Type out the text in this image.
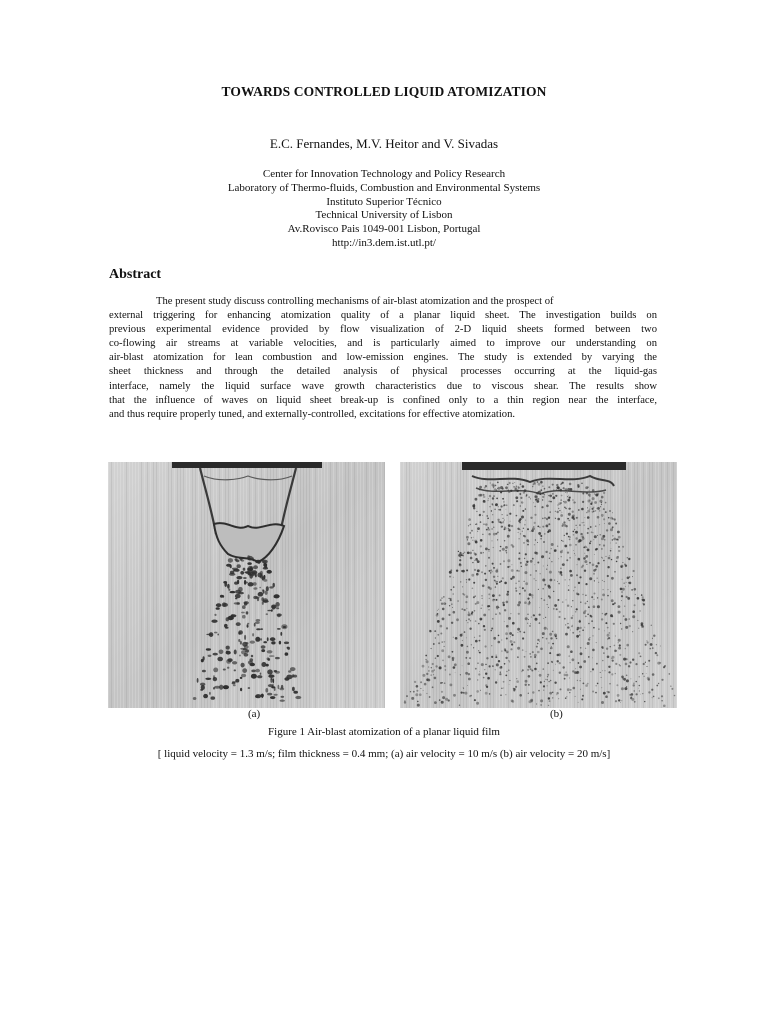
TOWARDS CONTROLLED LIQUID ATOMIZATION
E.C. Fernandes, M.V. Heitor and V. Sivadas
Center for Innovation Technology and Policy Research
Laboratory of Thermo-fluids, Combustion and Environmental Systems
Instituto Superior Técnico
Technical University of Lisbon
Av.Rovisco Pais 1049-001 Lisbon, Portugal
http://in3.dem.ist.utl.pt/
Abstract
The present study discuss controlling mechanisms of air-blast atomization and the prospect of
external triggering for enhancing atomization quality of a planar liquid sheet. The investigation builds on
previous experimental evidence provided by flow visualization of 2-D liquid sheets formed between two
co-flowing air streams at variable velocities, and is particularly aimed to improve our understanding on
air-blast atomization for lean combustion and low-emission engines. The study is extended by varying the
sheet thickness and through the detailed analysis of physical processes occurring at the liquid-gas
interface, namely the liquid surface wave growth characteristics due to viscous shear. The results show
that the influence of waves on liquid sheet break-up is confined only to a thin region near the interface,
and thus require properly tuned, and externally-controlled, excitations for effective atomization.
(a)	(b)
Figure 1 Air-blast atomization of a planar liquid film
[ liquid velocity = 1.3 m/s; film thickness = 0.4 mm; (a) air velocity = 10 m/s (b) air velocity = 20 m/s]
